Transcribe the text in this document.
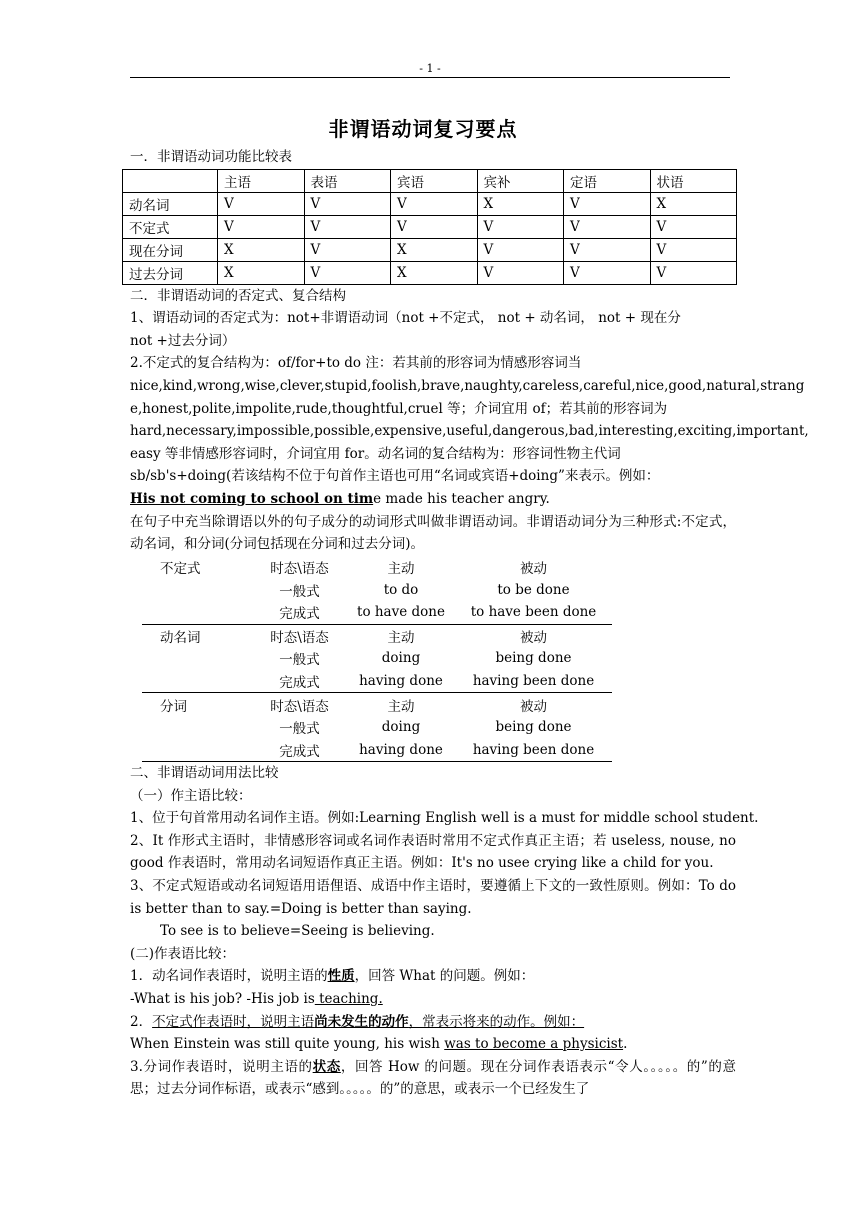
- 1 -
非谓语动词复习要点
一．非谓语动词功能比较表
	主语	表语	宾语	宾补	定语	状语
动名词	V	V	V	X	V	X
不定式	V	V	V	V	V	V
现在分词	X	V	X	V	V	V
过去分词	X	V	X	V	V	V
二．非谓语动词的否定式、复合结构
1、谓语动词的否定式为：not+非谓语动词（not +不定式， not + 动名词， not + 现在分
not +过去分词）
2.不定式的复合结构为：of/for+to do 注：若其前的形容词为情感形容词当
nice,kind,wrong,wise,clever,stupid,foolish,brave,naughty,careless,careful,nice,good,natural,strang
e,honest,polite,impolite,rude,thoughtful,cruel 等；介词宜用 of；若其前的形容词为
hard,necessary,impossible,possible,expensive,useful,dangerous,bad,interesting,exciting,important,
easy 等非情感形容词时，介词宜用 for。动名词的复合结构为：形容词性物主代词
sb/sb's+doing(若该结构不位于句首作主语也可用“名词或宾语+doing”来表示。例如：
His not coming to school on time made his teacher angry.
在句子中充当除谓语以外的句子成分的动词形式叫做非谓语动词。非谓语动词分为三种形式:不定式，动名词，和分词(分词包括现在分词和过去分词)。
不定式	时态\语态	主动	被动
	一般式	to do	to be done
	完成式	to have done	to have been done
动名词	时态\语态	主动	被动
	一般式	doing	being done
	完成式	having done	having been done
分词	时态\语态	主动	被动
	一般式	doing	being done
	完成式	having done	having been done
二、非谓语动词用法比较
（一）作主语比较：
1、位于句首常用动名词作主语。例如:Learning English well is a must for middle school student.
2、It 作形式主语时，非情感形容词或名词作表语时常用不定式作真正主语；若 useless, nouse, no good 作表语时，常用动名词短语作真正主语。例如：It's no usee crying like a child for you.
3、不定式短语或动名词短语用语俚语、成语中作主语时，要遵循上下文的一致性原则。例如：To do is better than to say.=Doing is better than saying.
To see is to believe=Seeing is believing.
(二)作表语比较：
1．动名词作表语时，说明主语的性质，回答 What 的问题。例如：
-What is his job? -His job is teaching.
2．不定式作表语时，说明主语尚未发生的动作，常表示将来的动作。例如：
When Einstein was still quite young, his wish was to become a physicist.
3.分词作表语时，说明主语的状态，回答 How 的问题。现在分词作表语表示“令人。。。。。的”的意思；过去分词作标语，或表示“感到。。。。。的”的意思，或表示一个已经发生了
